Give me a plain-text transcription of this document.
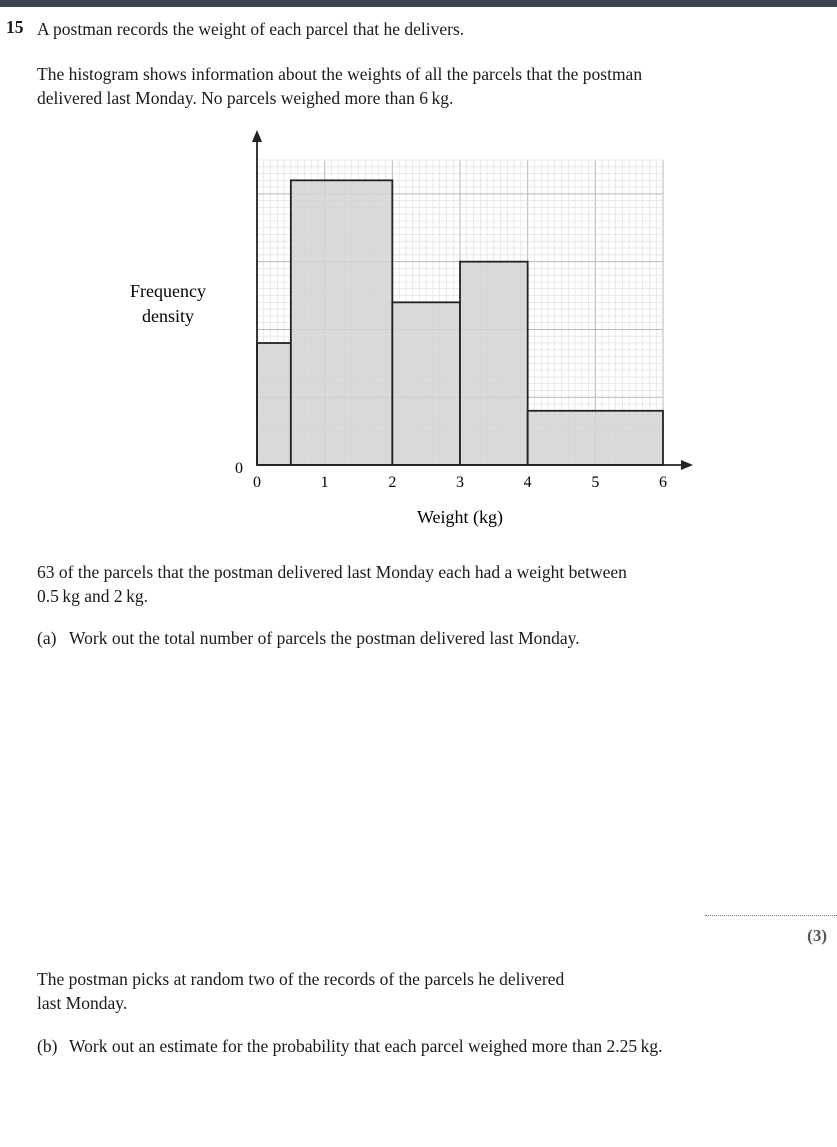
15 A postman records the weight of each parcel that he delivers.
The histogram shows information about the weights of all the parcels that the postman
delivered last Monday. No parcels weighed more than 6 kg.
0	1	2	3	4	5	6
0
Frequency
density
Weight (kg)
63 of the parcels that the postman delivered last Monday each had a weight between
0.5 kg and 2 kg.
(a) Work out the total number of parcels the postman delivered last Monday.
(3)
The postman picks at random two of the records of the parcels he delivered
last Monday.
(b) Work out an estimate for the probability that each parcel weighed more than 2.25 kg.
